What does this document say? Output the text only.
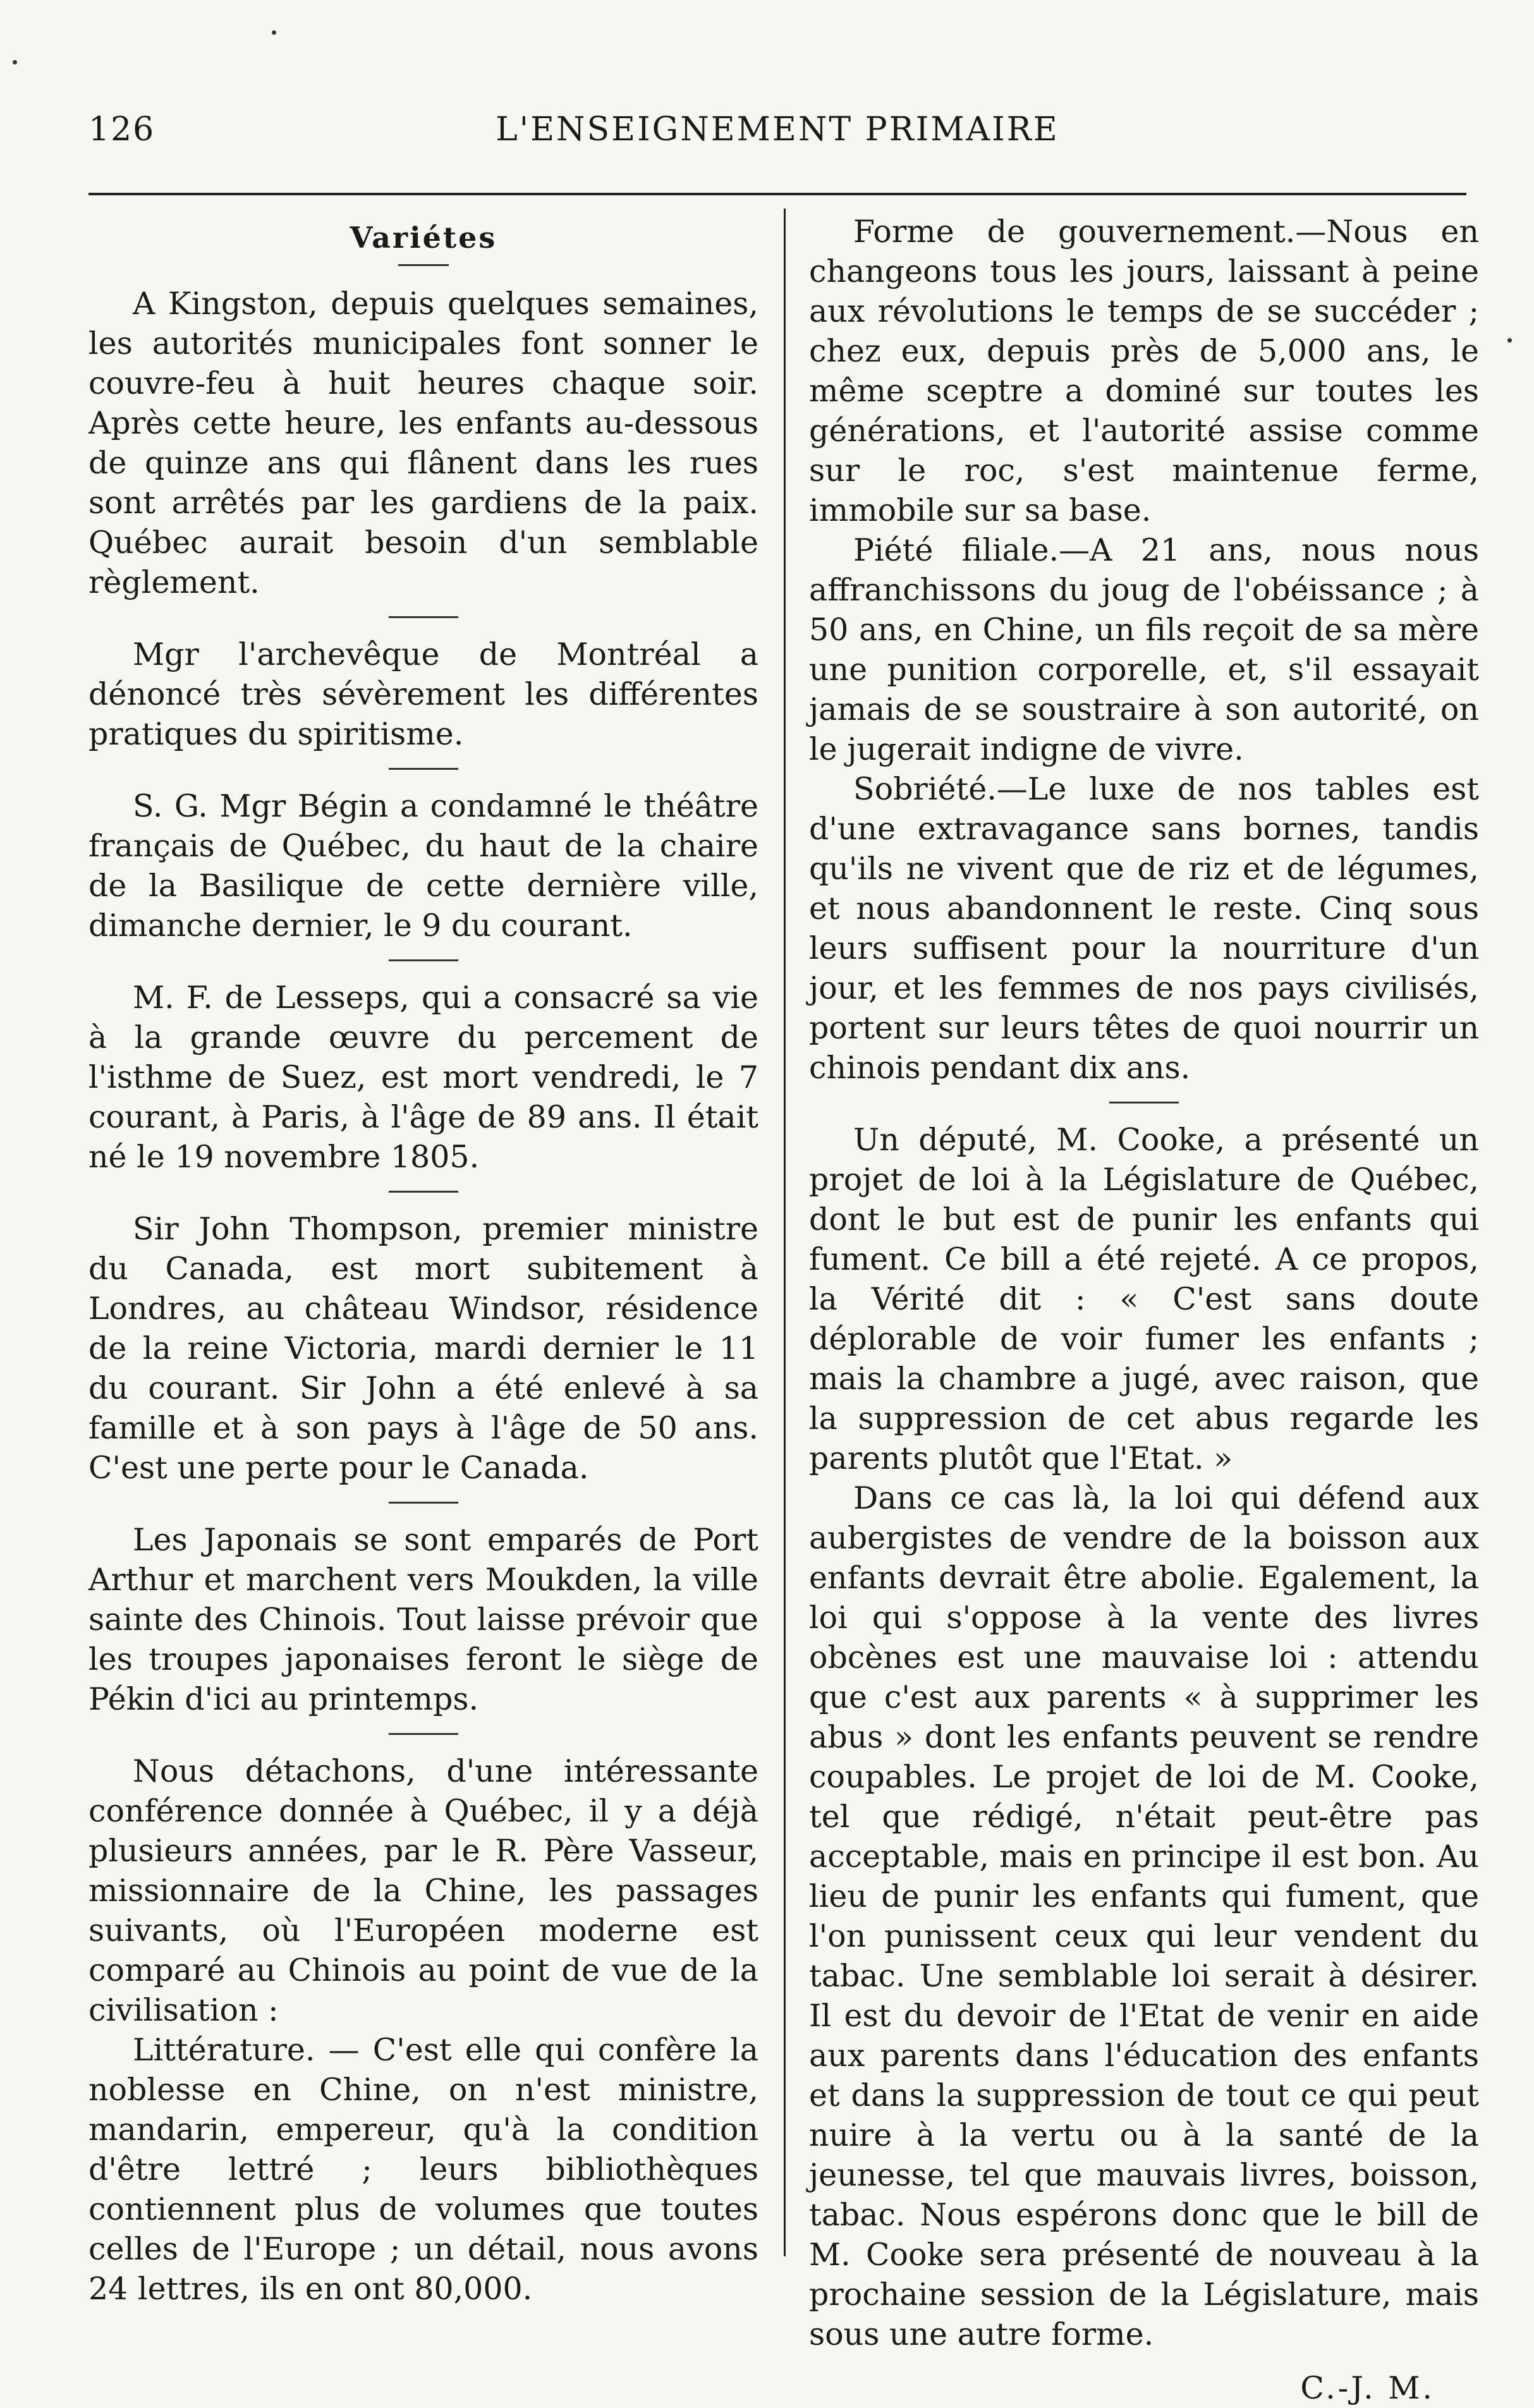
126	L'ENSEIGNEMENT PRIMAIRE

Variétes

A Kingston, depuis quelques semaines, les autorités municipales font sonner le couvre-feu à huit heures chaque soir. Après cette heure, les enfants au-dessous de quinze ans qui flânent dans les rues sont arrêtés par les gardiens de la paix. Québec aurait besoin d'un semblable règlement.

Mgr l'archevêque de Montréal a dénoncé très sévèrement les différentes pratiques du spiritisme.

S. G. Mgr Bégin a condamné le théâtre français de Québec, du haut de la chaire de la Basilique de cette dernière ville, dimanche dernier, le 9 du courant.

M. F. de Lesseps, qui a consacré sa vie à la grande œuvre du percement de l'isthme de Suez, est mort vendredi, le 7 courant, à Paris, à l'âge de 89 ans. Il était né le 19 novembre 1805.

Sir John Thompson, premier ministre du Canada, est mort subitement à Londres, au château Windsor, résidence de la reine Victoria, mardi dernier le 11 du courant. Sir John a été enlevé à sa famille et à son pays à l'âge de 50 ans. C'est une perte pour le Canada.

Les Japonais se sont emparés de Port Arthur et marchent vers Moukden, la ville sainte des Chinois. Tout laisse prévoir que les troupes japonaises feront le siège de Pékin d'ici au printemps.

Nous détachons, d'une intéressante conférence donnée à Québec, il y a déjà plusieurs années, par le R. Père Vasseur, missionnaire de la Chine, les passages suivants, où l'Européen moderne est comparé au Chinois au point de vue de la civilisation :

Littérature. — C'est elle qui confère la noblesse en Chine, on n'est ministre, mandarin, empereur, qu'à la condition d'être lettré ; leurs bibliothèques contiennent plus de volumes que toutes celles de l'Europe ; un détail, nous avons 24 lettres, ils en ont 80,000.

Forme de gouvernement.—Nous en changeons tous les jours, laissant à peine aux révolutions le temps de se succéder ; chez eux, depuis près de 5,000 ans, le même sceptre a dominé sur toutes les générations, et l'autorité assise comme sur le roc, s'est maintenue ferme, immobile sur sa base.

Piété filiale.—A 21 ans, nous nous affranchissons du joug de l'obéissance ; à 50 ans, en Chine, un fils reçoit de sa mère une punition corporelle, et, s'il essayait jamais de se soustraire à son autorité, on le jugerait indigne de vivre.

Sobriété.—Le luxe de nos tables est d'une extravagance sans bornes, tandis qu'ils ne vivent que de riz et de légumes, et nous abandonnent le reste. Cinq sous leurs suffisent pour la nourriture d'un jour, et les femmes de nos pays civilisés, portent sur leurs têtes de quoi nourrir un chinois pendant dix ans.

Un député, M. Cooke, a présenté un projet de loi à la Législature de Québec, dont le but est de punir les enfants qui fument. Ce bill a été rejeté. A ce propos, la Vérité dit : « C'est sans doute déplorable de voir fumer les enfants ; mais la chambre a jugé, avec raison, que la suppression de cet abus regarde les parents plutôt que l'Etat. »

Dans ce cas là, la loi qui défend aux aubergistes de vendre de la boisson aux enfants devrait être abolie. Egalement, la loi qui s'oppose à la vente des livres obcènes est une mauvaise loi : attendu que c'est aux parents « à supprimer les abus » dont les enfants peuvent se rendre coupables. Le projet de loi de M. Cooke, tel que rédigé, n'était peut-être pas acceptable, mais en principe il est bon. Au lieu de punir les enfants qui fument, que l'on punissent ceux qui leur vendent du tabac. Une semblable loi serait à désirer. Il est du devoir de l'Etat de venir en aide aux parents dans l'éducation des enfants et dans la suppression de tout ce qui peut nuire à la vertu ou à la santé de la jeunesse, tel que mauvais livres, boisson, tabac. Nous espérons donc que le bill de M. Cooke sera présenté de nouveau à la prochaine session de la Législature, mais sous une autre forme.

C.-J. M.
